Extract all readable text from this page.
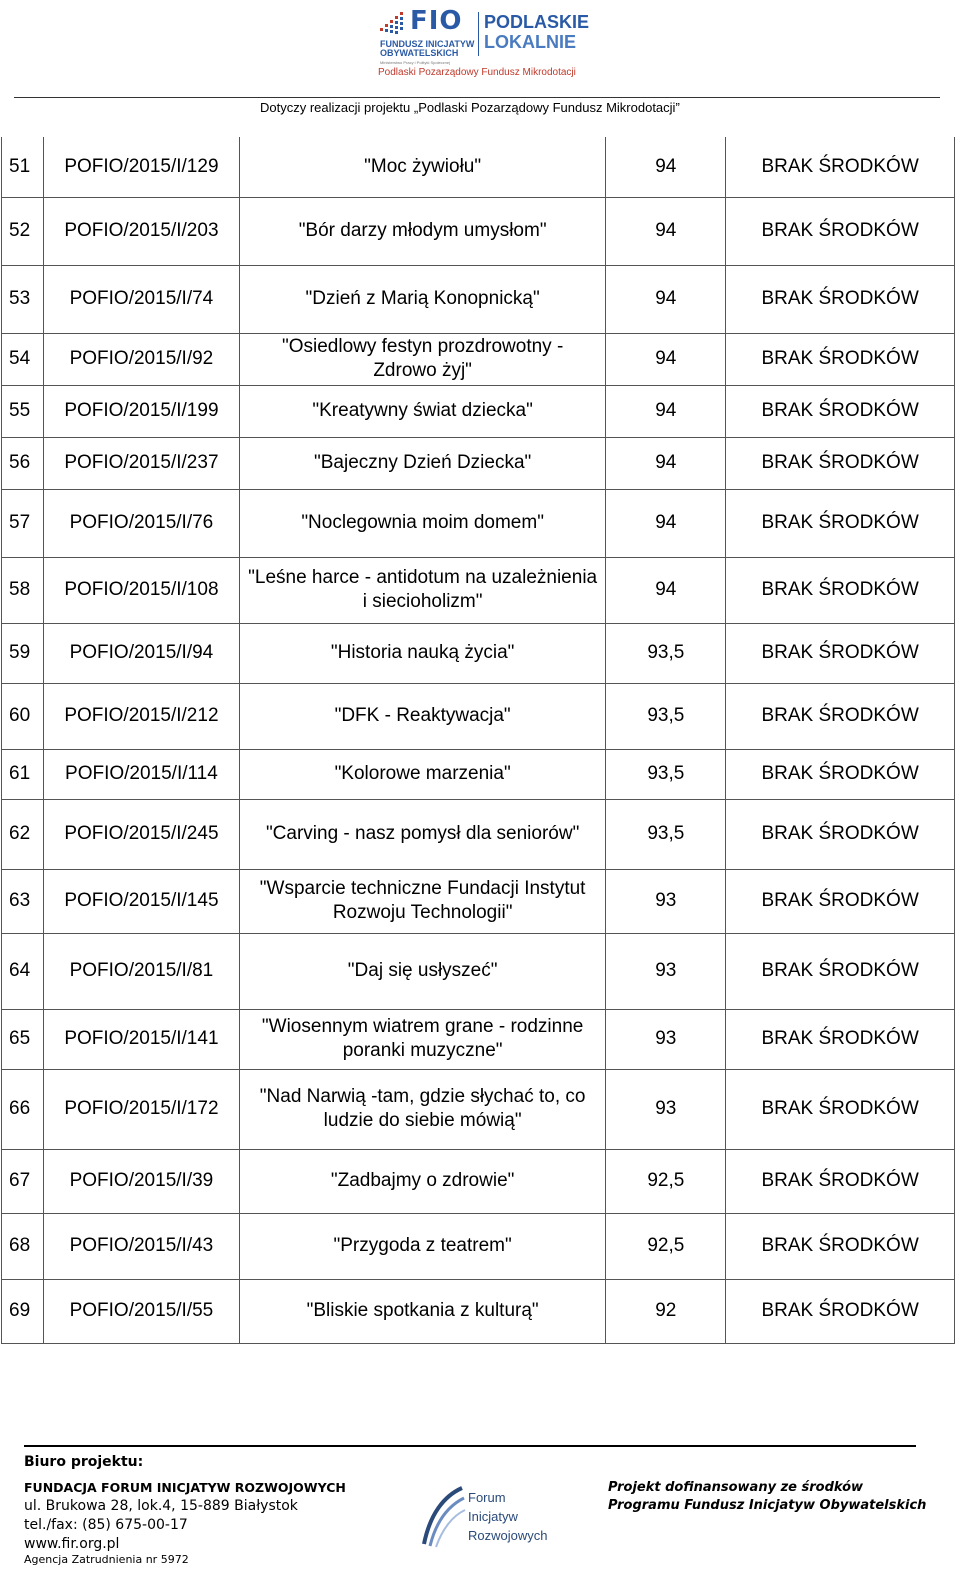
FIO
FUNDUSZ INICJATYW OBYWATELSKICH
Ministerstwo Pracy i Polityki Społecznej
PODLASKIE
LOKALNIE
Podlaski Pozarządowy Fundusz Mikrodotacji
Dotyczy realizacji projektu „Podlaski Pozarządowy Fundusz Mikrodotacji”
51	POFIO/2015/I/129	"Moc żywiołu"	94	BRAK ŚRODKÓW
52	POFIO/2015/I/203	"Bór darzy młodym umysłom"	94	BRAK ŚRODKÓW
53	POFIO/2015/I/74	"Dzień z Marią Konopnicką"	94	BRAK ŚRODKÓW
54	POFIO/2015/I/92	"Osiedlowy festyn prozdrowotny - Zdrowo żyj"	94	BRAK ŚRODKÓW
55	POFIO/2015/I/199	"Kreatywny świat dziecka"	94	BRAK ŚRODKÓW
56	POFIO/2015/I/237	"Bajeczny Dzień Dziecka"	94	BRAK ŚRODKÓW
57	POFIO/2015/I/76	"Noclegownia moim domem"	94	BRAK ŚRODKÓW
58	POFIO/2015/I/108	"Leśne harce - antidotum na uzależnienia i siecioholizm"	94	BRAK ŚRODKÓW
59	POFIO/2015/I/94	"Historia nauką życia"	93,5	BRAK ŚRODKÓW
60	POFIO/2015/I/212	"DFK - Reaktywacja"	93,5	BRAK ŚRODKÓW
61	POFIO/2015/I/114	"Kolorowe marzenia"	93,5	BRAK ŚRODKÓW
62	POFIO/2015/I/245	"Carving - nasz pomysł dla seniorów"	93,5	BRAK ŚRODKÓW
63	POFIO/2015/I/145	"Wsparcie techniczne Fundacji Instytut Rozwoju Technologii"	93	BRAK ŚRODKÓW
64	POFIO/2015/I/81	"Daj się usłyszeć"	93	BRAK ŚRODKÓW
65	POFIO/2015/I/141	"Wiosennym wiatrem grane - rodzinne poranki muzyczne"	93	BRAK ŚRODKÓW
66	POFIO/2015/I/172	"Nad Narwią -tam, gdzie słychać to, co ludzie do siebie mówią"	93	BRAK ŚRODKÓW
67	POFIO/2015/I/39	"Zadbajmy o zdrowie"	92,5	BRAK ŚRODKÓW
68	POFIO/2015/I/43	"Przygoda z teatrem"	92,5	BRAK ŚRODKÓW
69	POFIO/2015/I/55	"Bliskie spotkania z kulturą"	92	BRAK ŚRODKÓW
Biuro projektu:
FUNDACJA FORUM INICJATYW ROZWOJOWYCH
ul. Brukowa 28, lok.4, 15-889 Białystok
tel./fax: (85) 675-00-17
www.fir.org.pl
Agencja Zatrudnienia nr 5972
Forum
Inicjatyw
Rozwojowych
Projekt dofinansowany ze środków
Programu Fundusz Inicjatyw Obywatelskich
